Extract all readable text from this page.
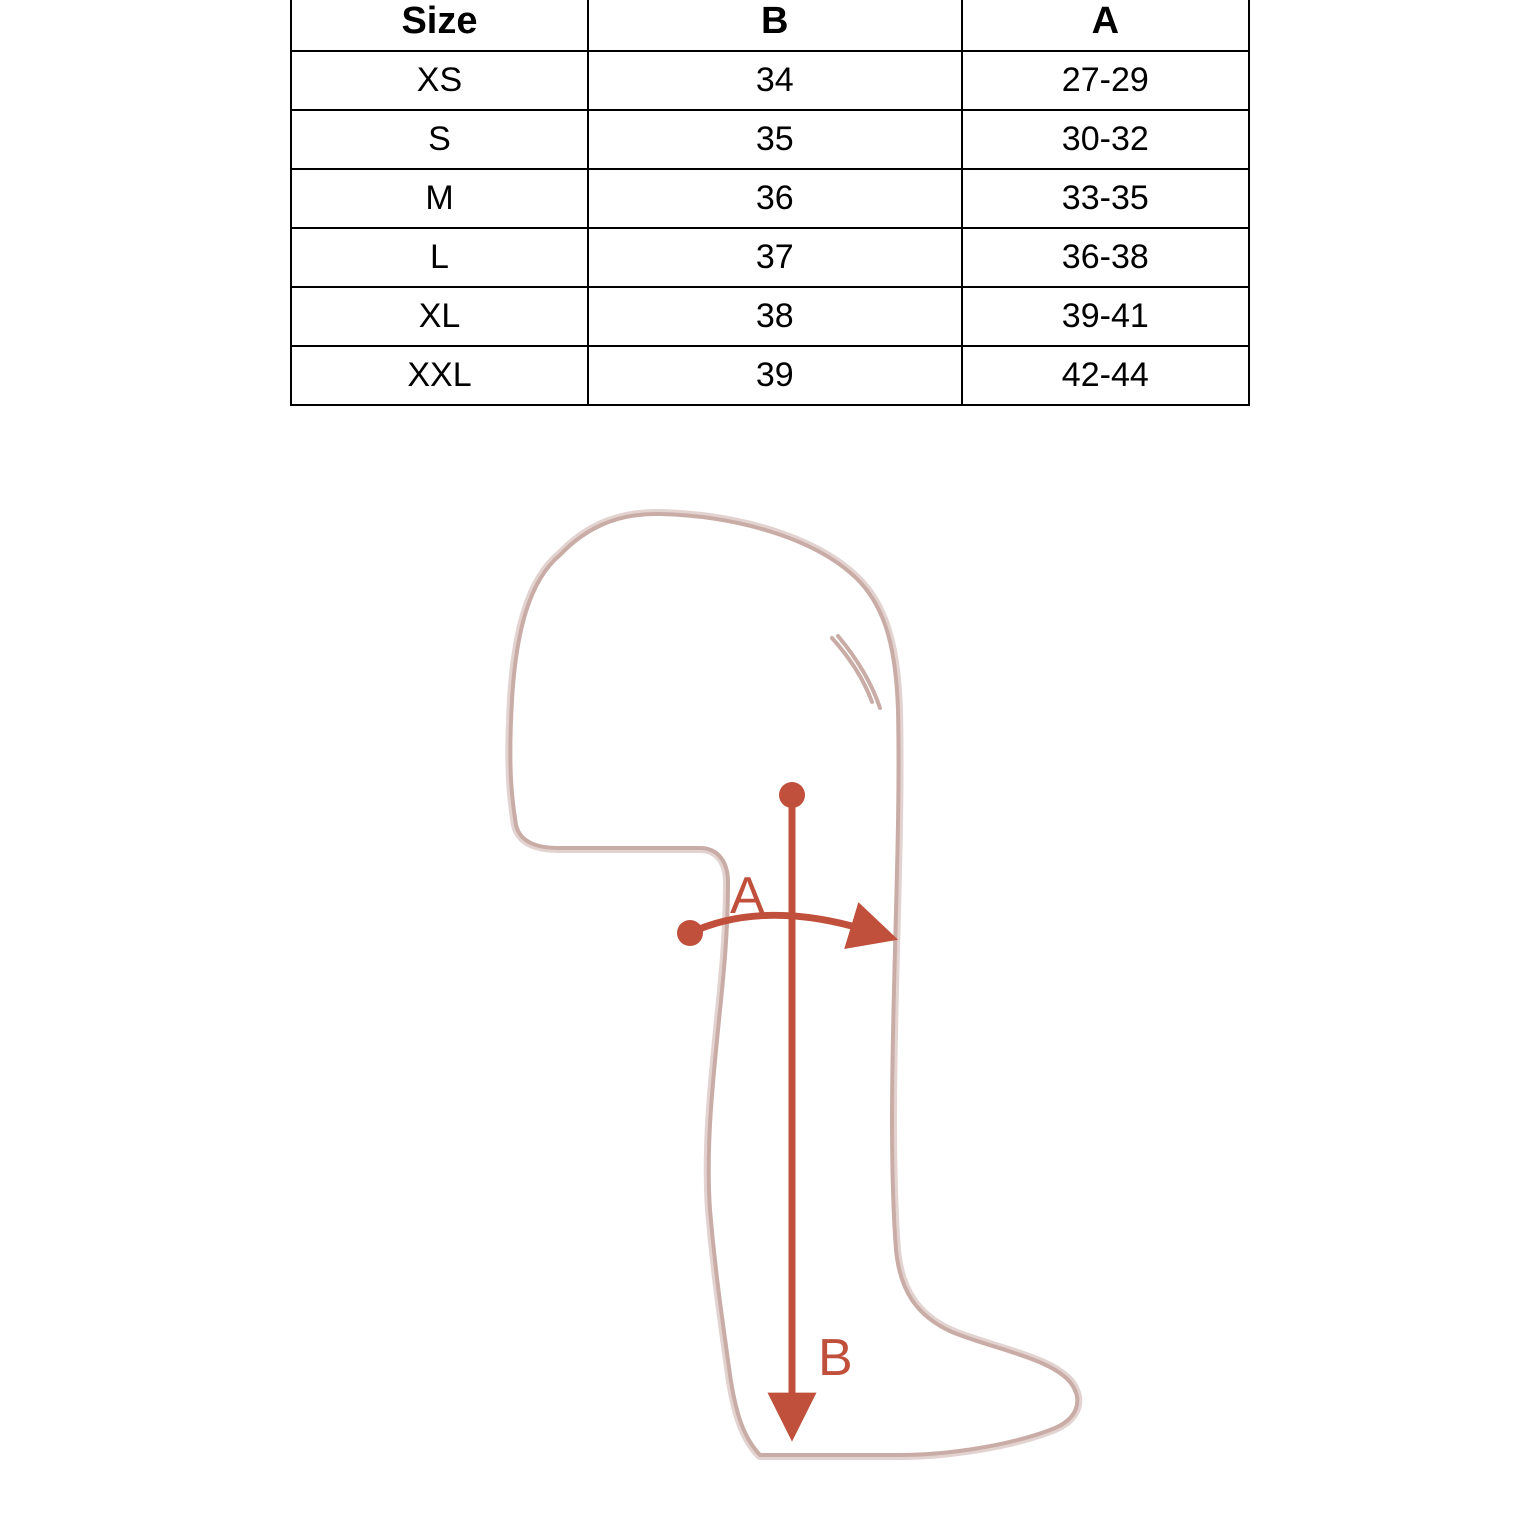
Size	B	A
XS	34	27-29
S	35	30-32
M	36	33-35
L	37	36-38
XL	38	39-41
XXL	39	42-44
A
B
